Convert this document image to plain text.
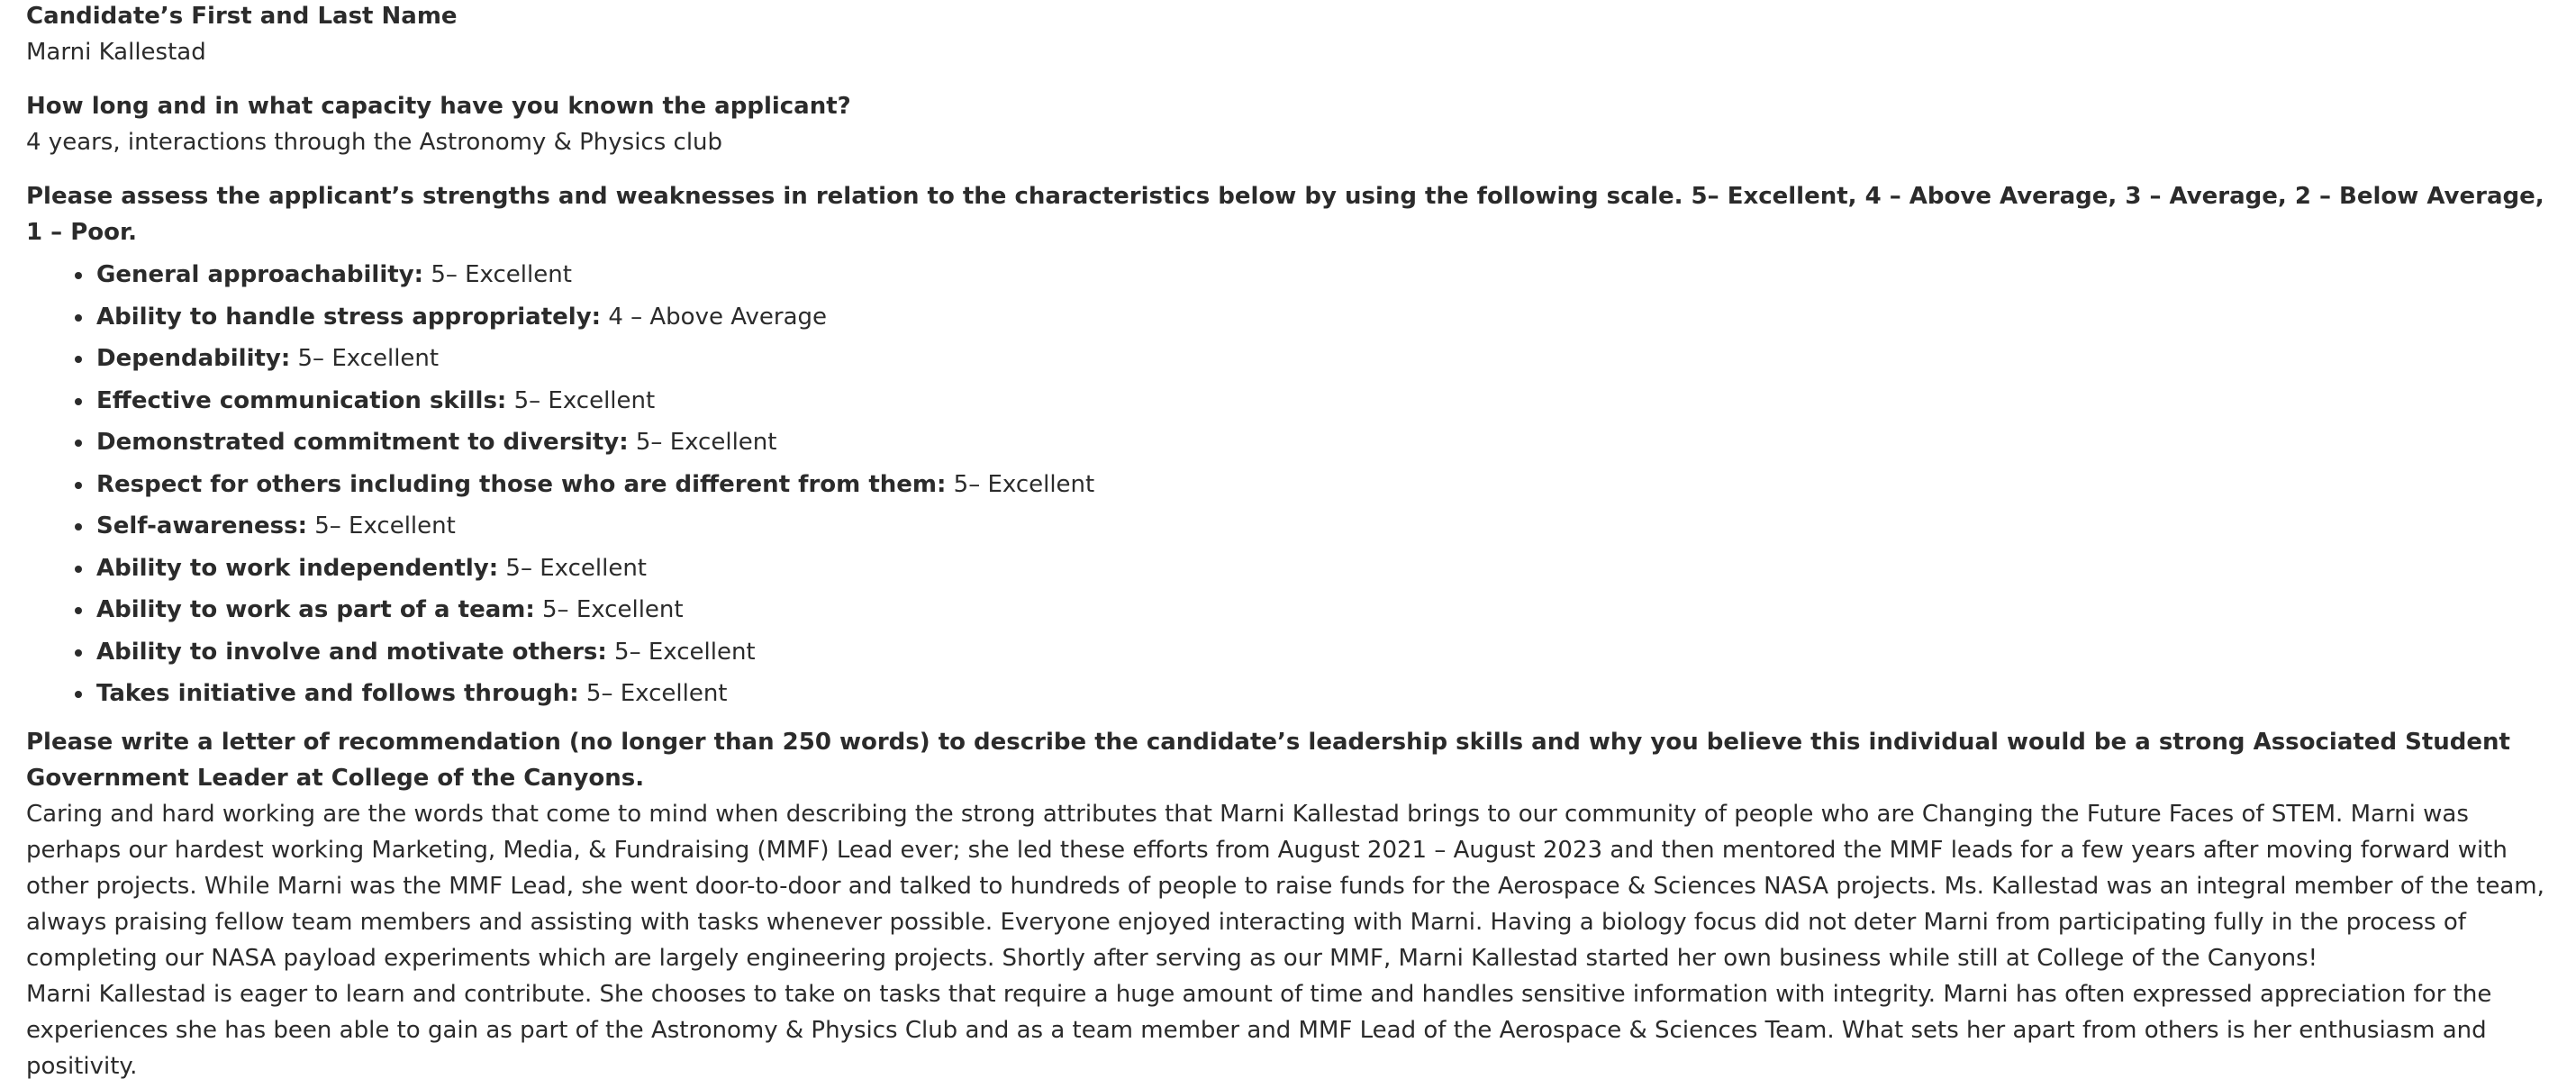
Candidate’s First and Last Name
Marni Kallestad
How long and in what capacity have you known the applicant?
4 years, interactions through the Astronomy & Physics club
Please assess the applicant’s strengths and weaknesses in relation to the characteristics below by using the following scale. 5– Excellent, 4 – Above Average, 3 – Average, 2 – Below Average, 1 – Poor.
General approachability: 5– Excellent
Ability to handle stress appropriately: 4 – Above Average
Dependability: 5– Excellent
Effective communication skills: 5– Excellent
Demonstrated commitment to diversity: 5– Excellent
Respect for others including those who are different from them: 5– Excellent
Self-awareness: 5– Excellent
Ability to work independently: 5– Excellent
Ability to work as part of a team: 5– Excellent
Ability to involve and motivate others: 5– Excellent
Takes initiative and follows through: 5– Excellent
Please write a letter of recommendation (no longer than 250 words) to describe the candidate’s leadership skills and why you believe this individual would be a strong Associated Student Government Leader at College of the Canyons.
Caring and hard working are the words that come to mind when describing the strong attributes that Marni Kallestad brings to our community of people who are Changing the Future Faces of STEM. Marni was perhaps our hardest working Marketing, Media, & Fundraising (MMF) Lead ever; she led these efforts from August 2021 – August 2023 and then mentored the MMF leads for a few years after moving forward with other projects. While Marni was the MMF Lead, she went door-to-door and talked to hundreds of people to raise funds for the Aerospace & Sciences NASA projects. Ms. Kallestad was an integral member of the team, always praising fellow team members and assisting with tasks whenever possible. Everyone enjoyed interacting with Marni. Having a biology focus did not deter Marni from participating fully in the process of completing our NASA payload experiments which are largely engineering projects. Shortly after serving as our MMF, Marni Kallestad started her own business while still at College of the Canyons!
Marni Kallestad is eager to learn and contribute. She chooses to take on tasks that require a huge amount of time and handles sensitive information with integrity. Marni has often expressed appreciation for the experiences she has been able to gain as part of the Astronomy & Physics Club and as a team member and MMF Lead of the Aerospace & Sciences Team. What sets her apart from others is her enthusiasm and positivity.
